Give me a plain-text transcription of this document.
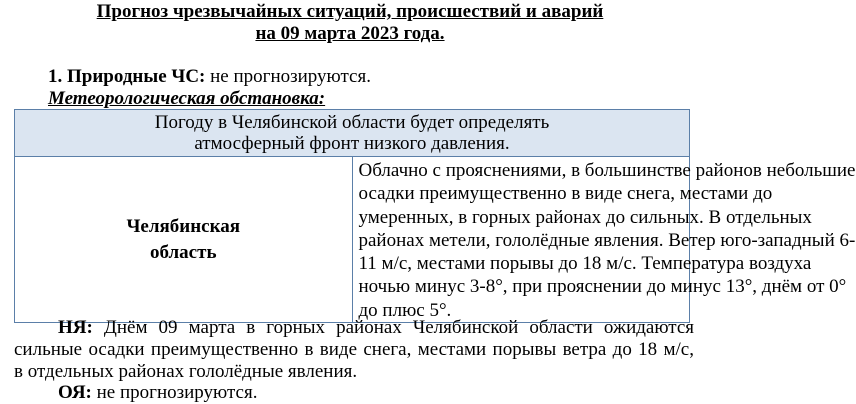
Прогноз чрезвычайных ситуаций, происшествий и аварий
на 09 марта 2023 года.
1. Природные ЧС: не прогнозируются.
Метеорологическая обстановка:
Погоду в Челябинской области будет определять
атмосферный фронт низкого давления.

Челябинская
область

Облачно с прояснениями, в большинстве районов небольшие
осадки преимущественно в виде снега, местами до
умеренных, в горных районах до сильных. В отдельных
районах метели, гололёдные явления. Ветер юго-западный 6-
11 м/с, местами порывы до 18 м/с. Температура воздуха
ночью минус 3-8°, при прояснении до минус 13°, днём от 0°
до плюс 5°.
НЯ: Днём 09 марта в горных районах Челябинской области ожидаются
сильные осадки преимущественно в виде снега, местами порывы ветра до 18 м/с,
в отдельных районах гололёдные явления.
ОЯ: не прогнозируются.
